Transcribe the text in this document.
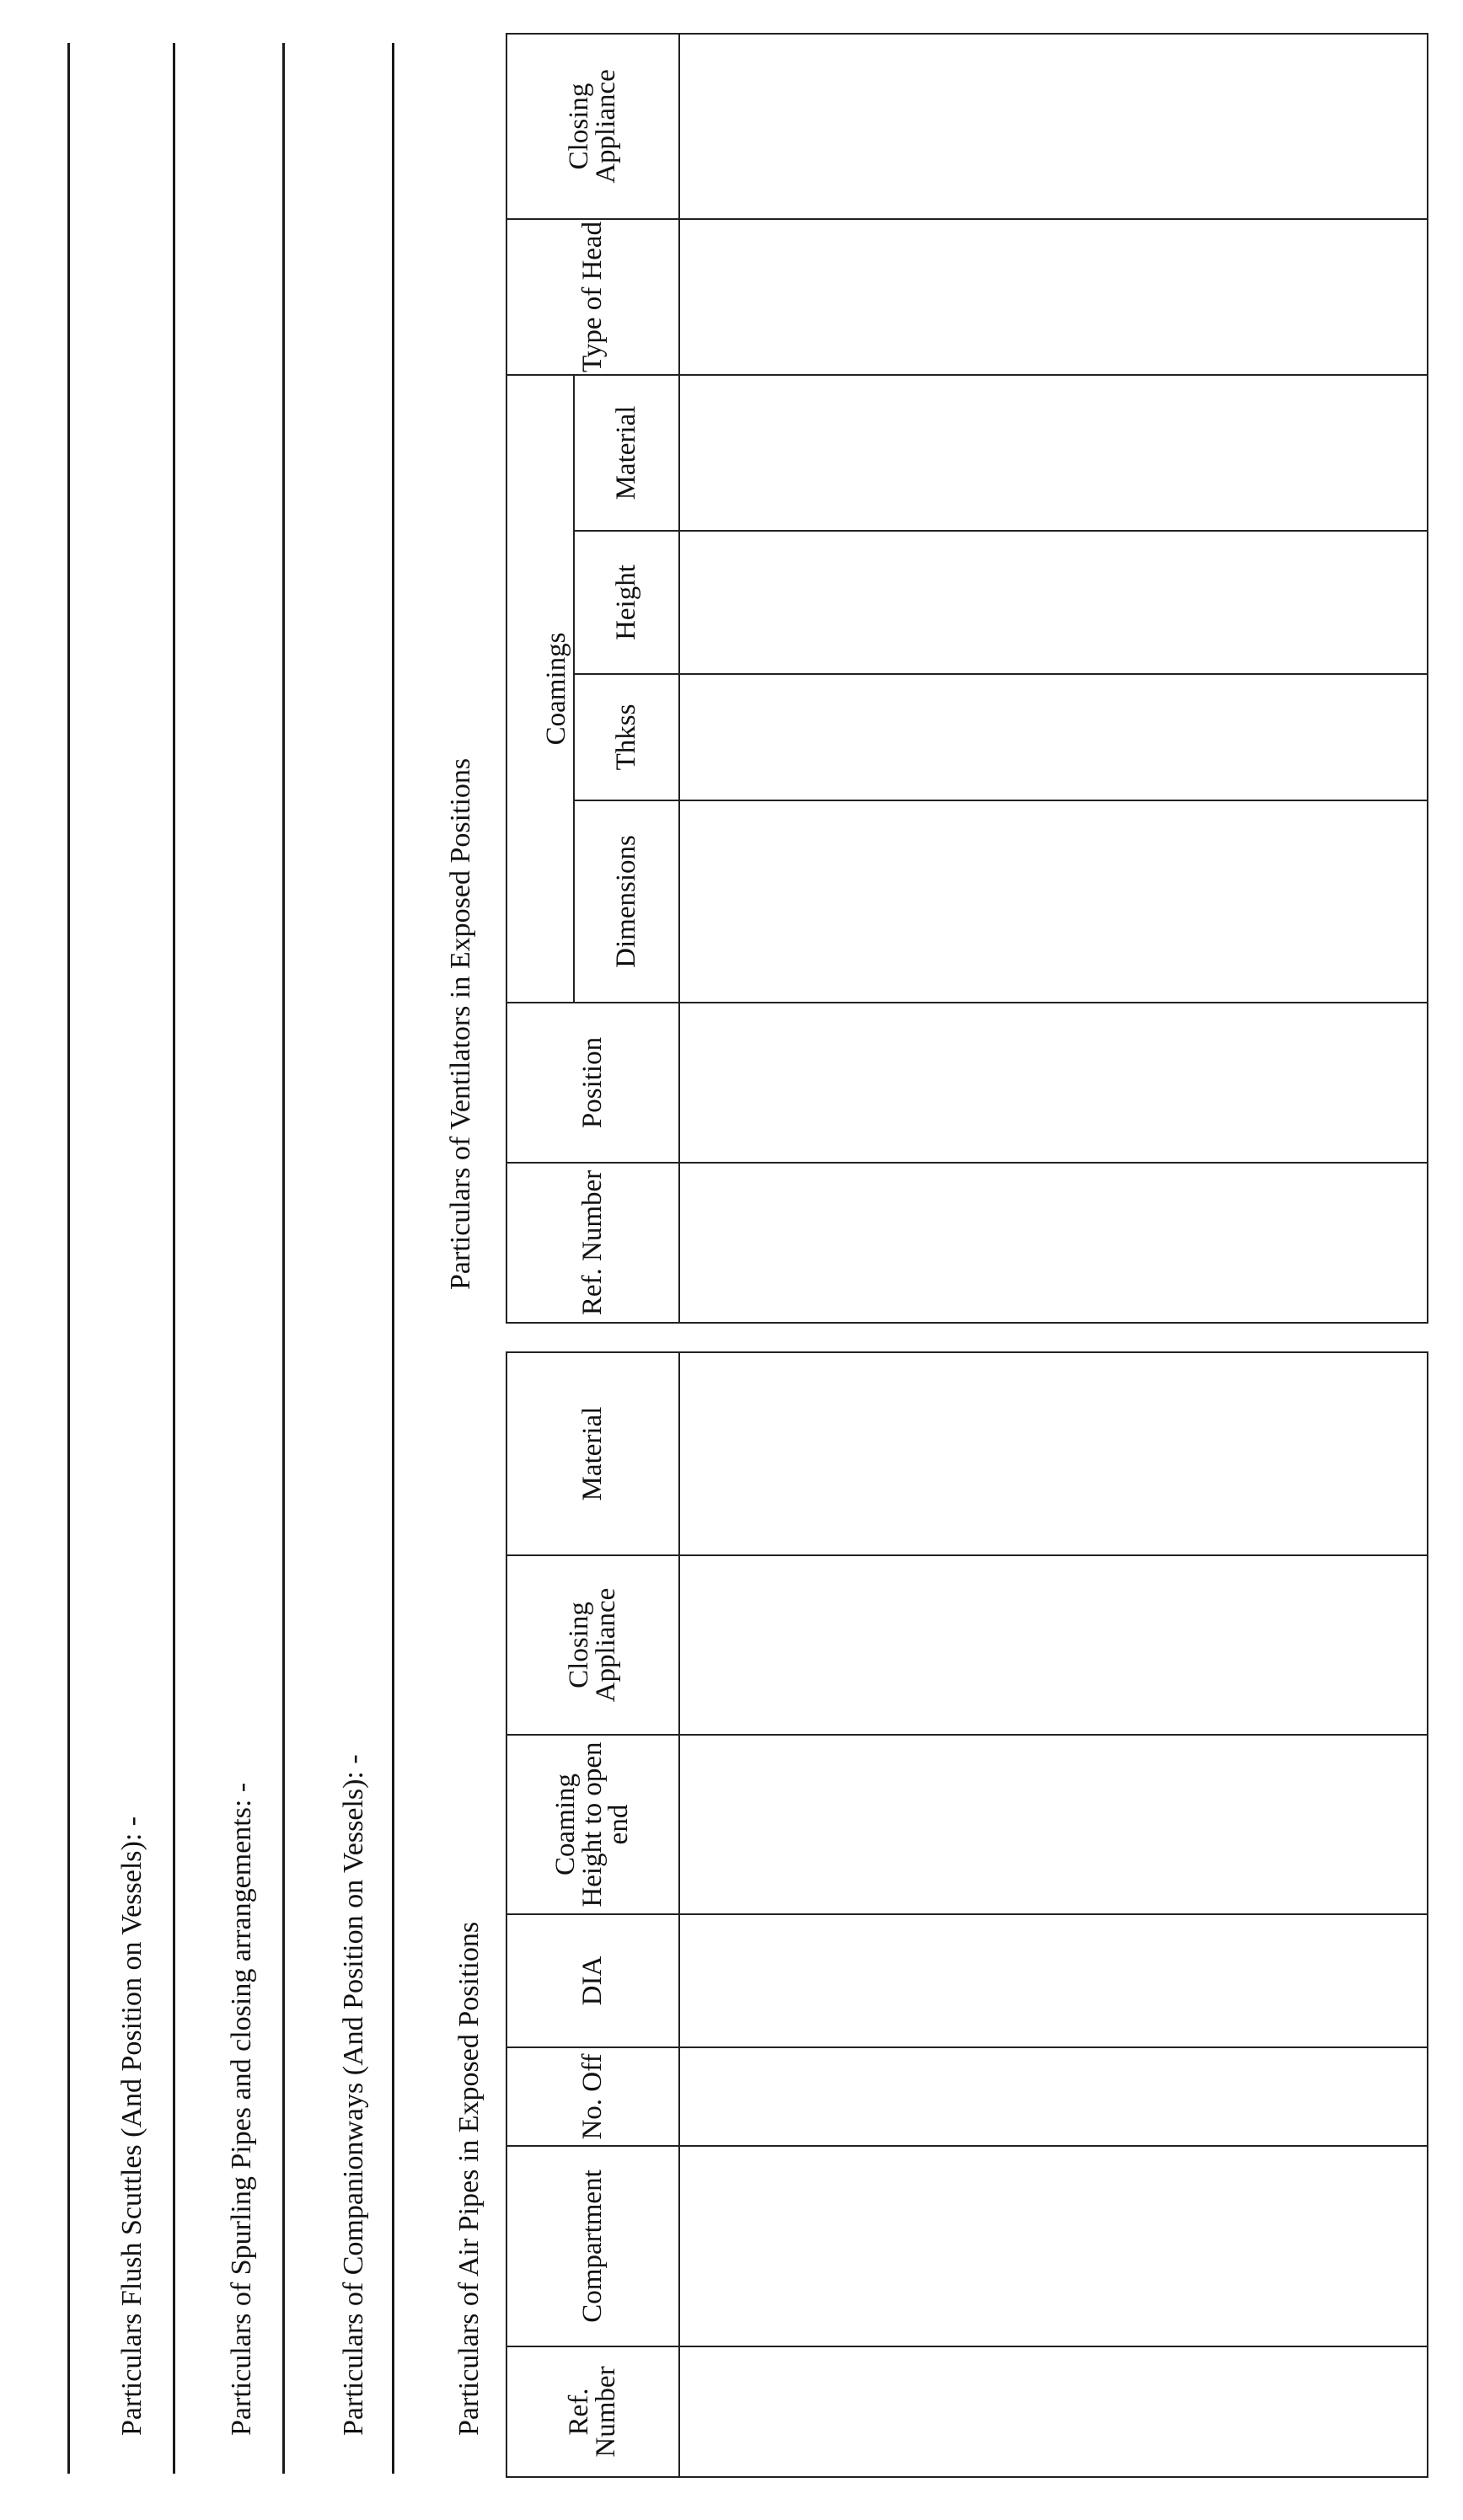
Particulars Flush Scuttles (And Position on Vessels): -	Particulars of Spurling Pipes and closing arrangements: -	Particulars of Companionways (And Position on Vessels): -	Particulars of Air Pipes in Exposed Positions	Ref. Number	Compartment	No. Off	DIA	Coaming Height to open end	Closing Appliance	Material

Particulars of Ventilators in Exposed Positions	Ref. Number	Position	Coamings				Type of Head	Closing Appliance
		Dimensions	Thkss	Height	Material		
